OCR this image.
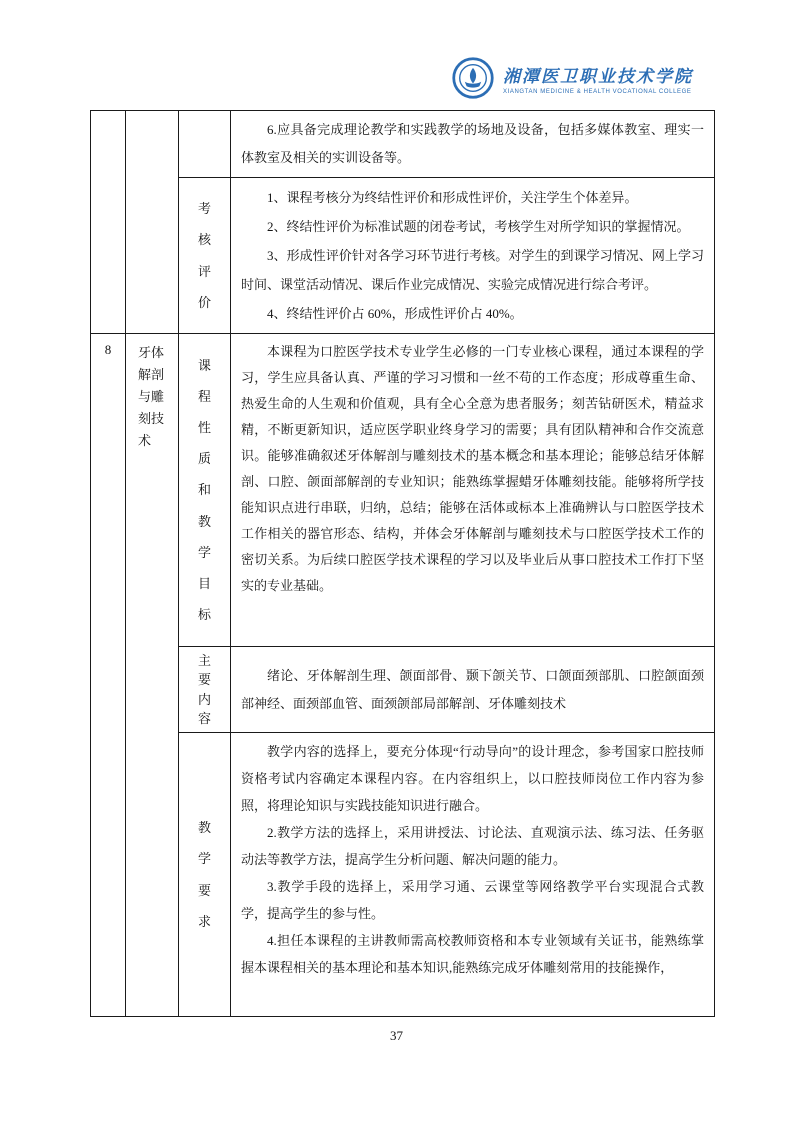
湘潭医卫职业技术学院
XIANGTAN MEDICINE & HEALTH VOCATIONAL COLLEGE

			6.应具备完成理论教学和实践教学的场地及设备，包括多媒体教室、理实一体教室及相关的实训设备等。

		考核评价	1、课程考核分为终结性评价和形成性评价，关注学生个体差异。

2、终结性评价为标准试题的闭卷考试，考核学生对所学知识的掌握情况。

3、形成性评价针对各学习环节进行考核。对学生的到课学习情况、网上学习时间、课堂活动情况、课后作业完成情况、实验完成情况进行综合考评。

4、终结性评价占 60%，形成性评价占 40%。

8	牙体解剖与雕刻技术	课程性质和教学目标	本课程为口腔医学技术专业学生必修的一门专业核心课程，通过本课程的学习，学生应具备认真、严谨的学习习惯和一丝不苟的工作态度；形成尊重生命、热爱生命的人生观和价值观，具有全心全意为患者服务；刻苦钻研医术，精益求精，不断更新知识，适应医学职业终身学习的需要；具有团队精神和合作交流意识。能够准确叙述牙体解剖与雕刻技术的基本概念和基本理论；能够总结牙体解剖、口腔、颌面部解剖的专业知识；能熟练掌握蜡牙体雕刻技能。能够将所学技能知识点进行串联，归纳，总结；能够在活体或标本上准确辨认与口腔医学技术工作相关的器官形态、结构，并体会牙体解剖与雕刻技术与口腔医学技术工作的密切关系。为后续口腔医学技术课程的学习以及毕业后从事口腔技术工作打下坚实的专业基础。

		主要内容	绪论、牙体解剖生理、颌面部骨、颞下颌关节、口颌面颈部肌、口腔颌面颈部神经、面颈部血管、面颈颌部局部解剖、牙体雕刻技术

		教学要求	教学内容的选择上，要充分体现“行动导向”的设计理念，参考国家口腔技师资格考试内容确定本课程内容。在内容组织上，以口腔技师岗位工作内容为参照，将理论知识与实践技能知识进行融合。

2.教学方法的选择上，采用讲授法、讨论法、直观演示法、练习法、任务驱动法等教学方法，提高学生分析问题、解决问题的能力。

3.教学手段的选择上，采用学习通、云课堂等网络教学平台实现混合式教学，提高学生的参与性。

4.担任本课程的主讲教师需高校教师资格和本专业领域有关证书，能熟练掌握本课程相关的基本理论和基本知识,能熟练完成牙体雕刻常用的技能操作，

37
